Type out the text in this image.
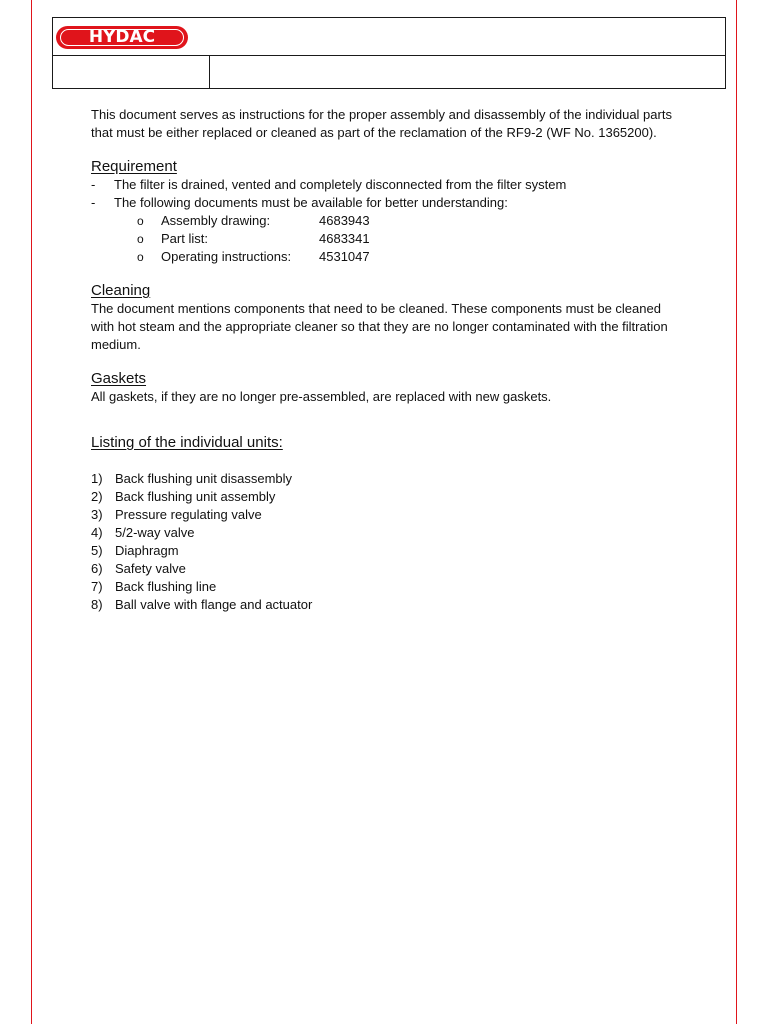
HYDAC

This document serves as instructions for the proper assembly and disassembly of the individual parts that must be either replaced or cleaned as part of the reclamation of the RF9-2 (WF No. 1365200).

Requirement
- The filter is drained, vented and completely disconnected from the filter system
- The following documents must be available for better understanding:
o Assembly drawing:	4683943
o Part list:	4683341
o Operating instructions:	4531047
Cleaning

The document mentions components that need to be cleaned. These components must be cleaned with hot steam and the appropriate cleaner so that they are no longer contaminated with the filtration medium.

Gaskets

All gaskets, if they are no longer pre-assembled, are replaced with new gaskets.

Listing of the individual units:
1) Back flushing unit disassembly
2) Back flushing unit assembly
3) Pressure regulating valve
4) 5/2-way valve
5) Diaphragm
6) Safety valve
7) Back flushing line
8) Ball valve with flange and actuator
